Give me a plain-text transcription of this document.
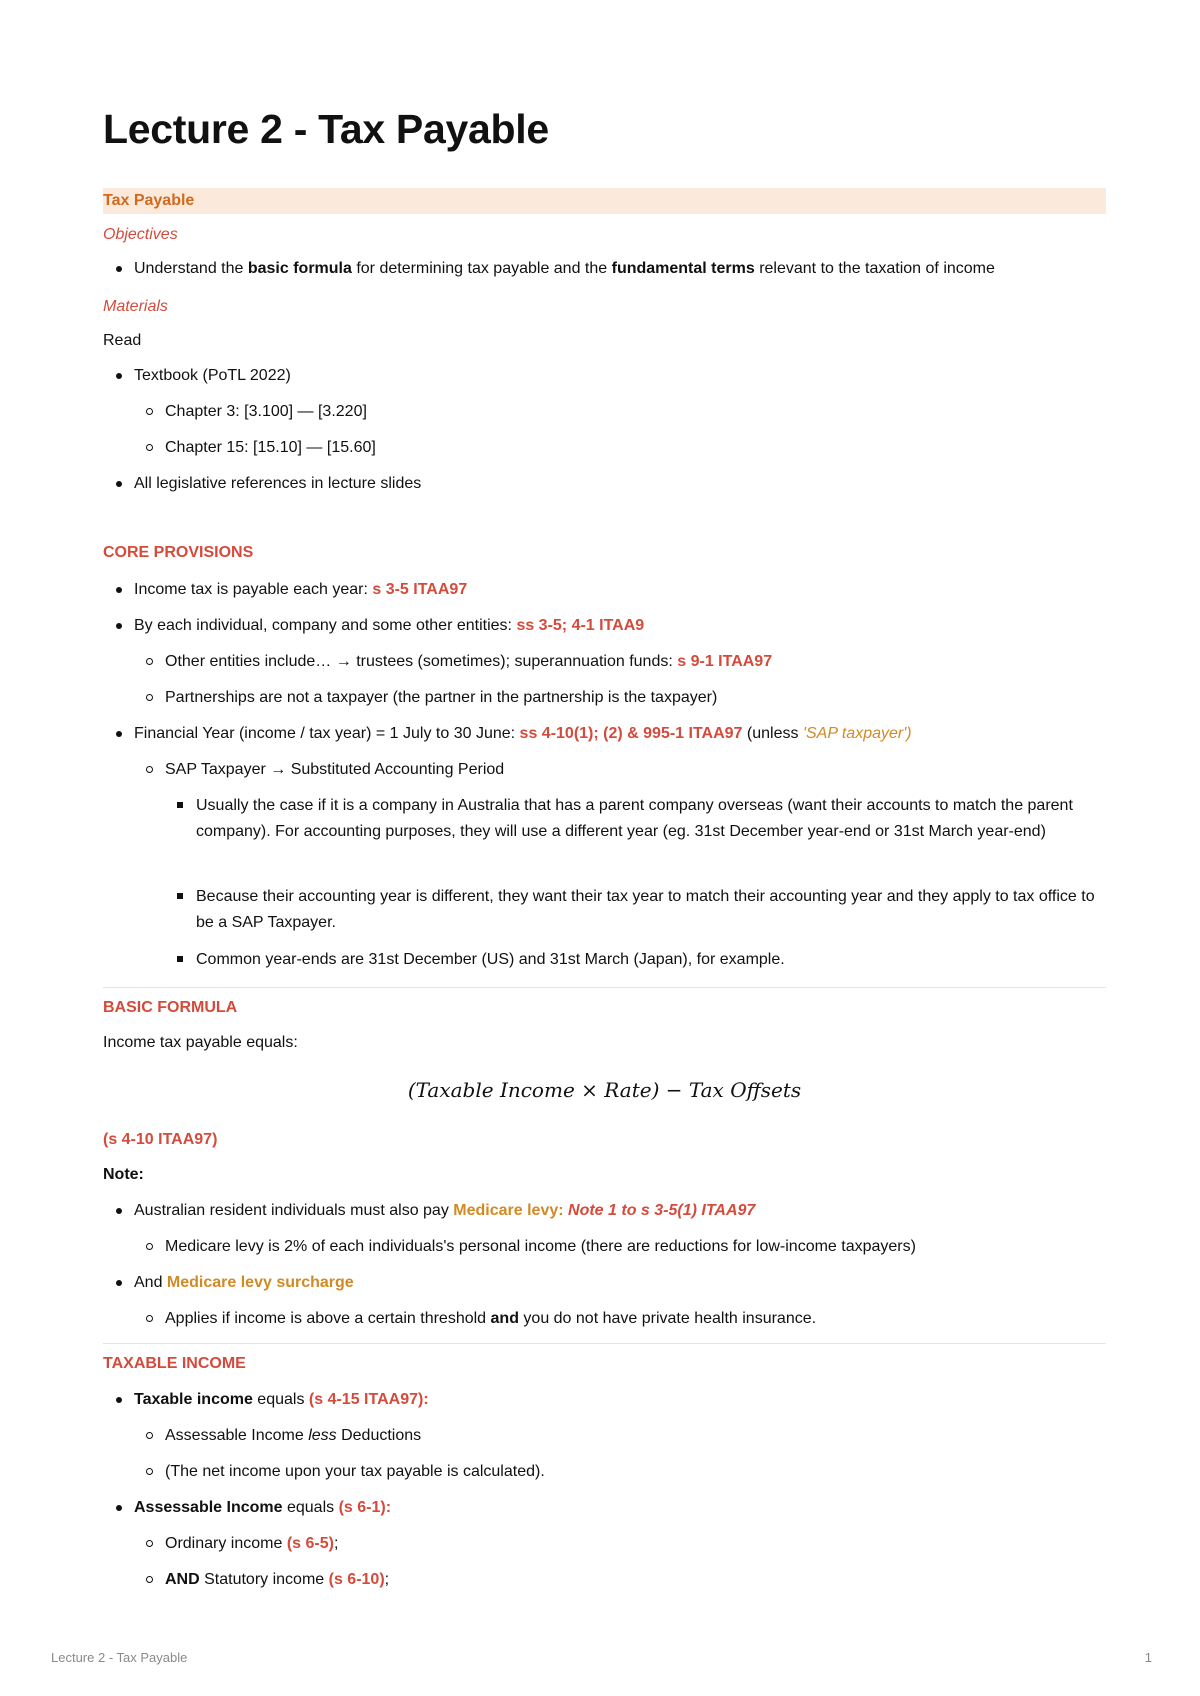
Lecture 2 - Tax Payable
Tax Payable
Objectives
Understand the basic formula for determining tax payable and the fundamental terms relevant to the taxation of income
Materials
Read
Textbook (PoTL 2022)
Chapter 3: [3.100] — [3.220]
Chapter 15: [15.10] — [15.60]
All legislative references in lecture slides
CORE PROVISIONS
Income tax is payable each year: s 3-5 ITAA97
By each individual, company and some other entities: ss 3-5; 4-1 ITAA9
Other entities include… → trustees (sometimes); superannuation funds: s 9-1 ITAA97
Partnerships are not a taxpayer (the partner in the partnership is the taxpayer)
Financial Year (income / tax year) = 1 July to 30 June: ss 4-10(1); (2) & 995-1 ITAA97 (unless 'SAP taxpayer')
SAP Taxpayer → Substituted Accounting Period
Usually the case if it is a company in Australia that has a parent company overseas (want their accounts to match the parent company). For accounting purposes, they will use a different year (eg. 31st December year-end or 31st March year-end)
Because their accounting year is different, they want their tax year to match their accounting year and they apply to tax office to be a SAP Taxpayer.
Common year-ends are 31st December (US) and 31st March (Japan), for example.
BASIC FORMULA
Income tax payable equals:
(Taxable Income × Rate) − Tax Offsets
(s 4-10 ITAA97)
Note:
Australian resident individuals must also pay Medicare levy: Note 1 to s 3-5(1) ITAA97
Medicare levy is 2% of each individuals's personal income (there are reductions for low-income taxpayers)
And Medicare levy surcharge
Applies if income is above a certain threshold and you do not have private health insurance.
TAXABLE INCOME
Taxable income equals (s 4-15 ITAA97):
Assessable Income less Deductions
(The net income upon your tax payable is calculated).
Assessable Income equals (s 6-1):
Ordinary income (s 6-5);
AND Statutory income (s 6-10);
Lecture 2 - Tax Payable	1
